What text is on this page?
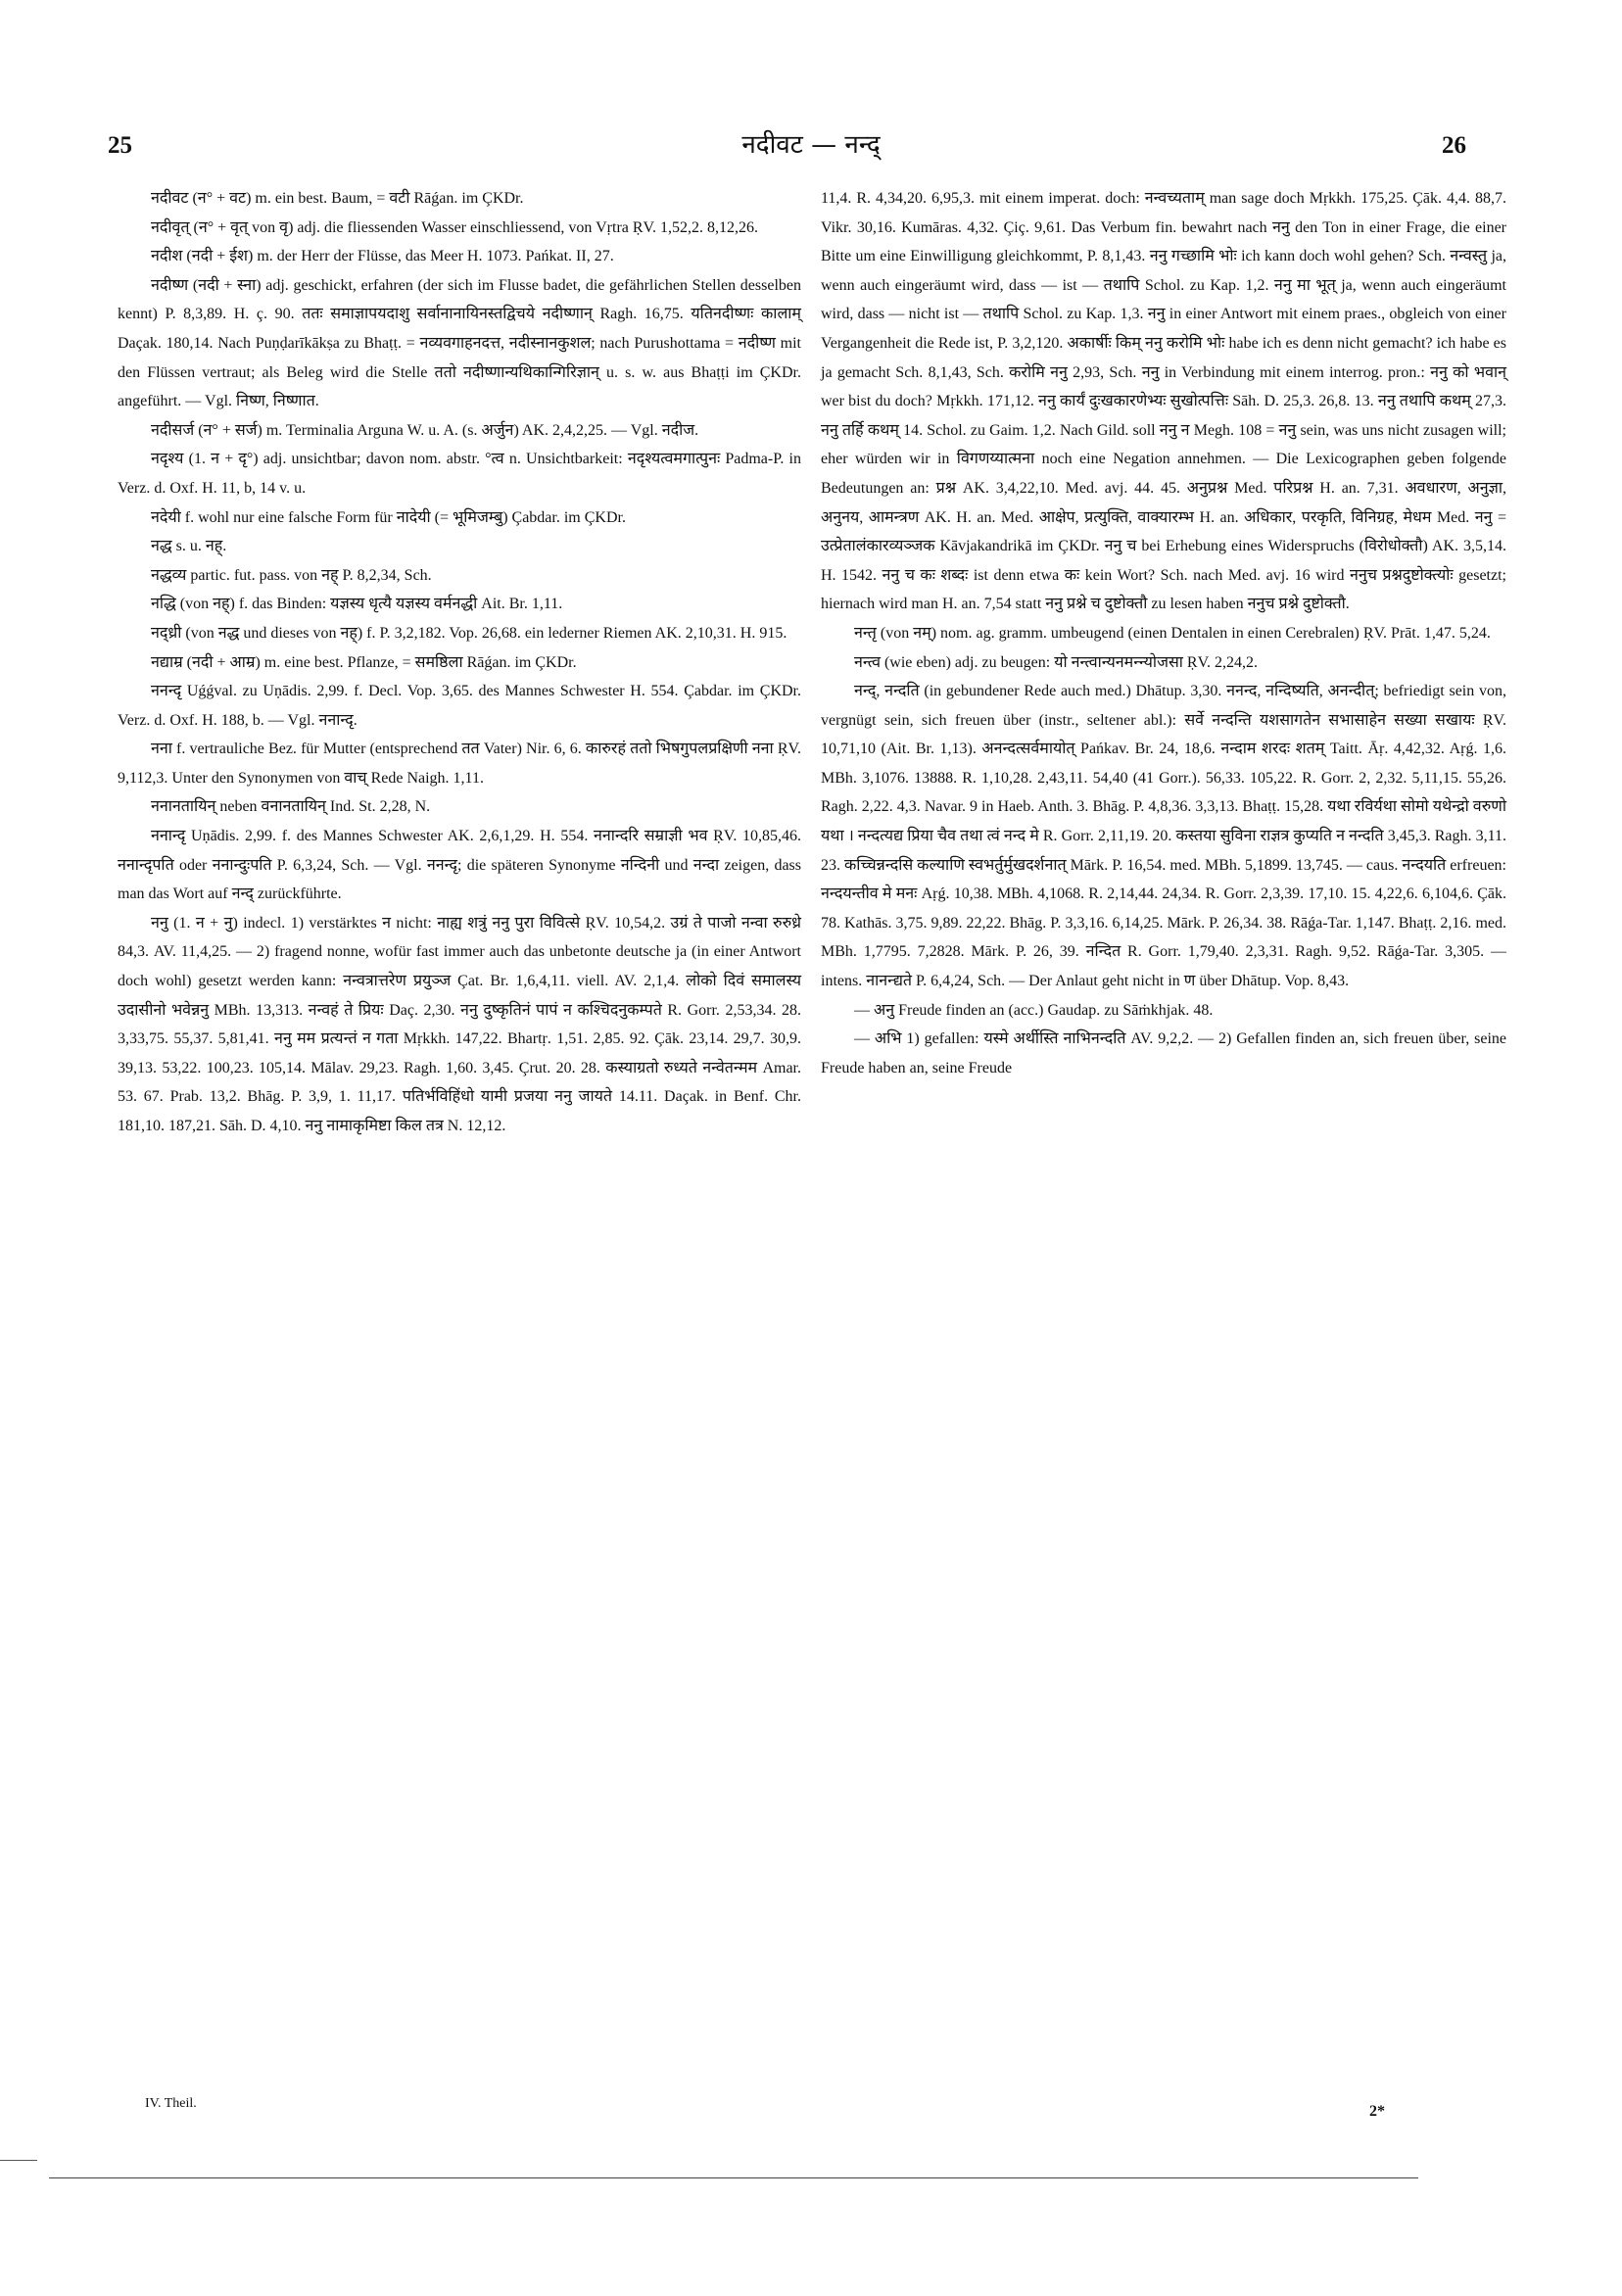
25	नदीवट — नन्द्	26

नदीवट (न° + वट) m. ein best. Baum, = वटी Rāǵan. im ÇKDr.

नदीवृत् (न° + वृत् von वृ) adj. die fliessenden Wasser einschliessend, von Vṛtra ṚV. 1,52,2. 8,12,26.

नदीश (नदी + ईश) m. der Herr der Flüsse, das Meer H. 1073. Pańkat. II, 27.

नदीष्ण (नदी + स्ना) adj. geschickt, erfahren (der sich im Flusse badet, die gefährlichen Stellen desselben kennt) P. 8,3,89. H. ç. 90. ततः समाज्ञापयदाशु सर्वानानायिनस्तद्विचये नदीष्णान् Ragh. 16,75. यतिनदीष्णः कालाम् Daçak. 180,14. Nach Puṇḍarīkākṣa zu Bhaṭṭ. = नव्यवगाहनदत्त, नदीस्नानकुशल; nach Purushottama = नदीष्ण mit den Flüssen vertraut; als Beleg wird die Stelle ततो नदीष्णान्यथिकान्गिरिज्ञान् u. s. w. aus Bhaṭṭi im ÇKDr. angeführt. — Vgl. निष्ण, निष्णात.

नदीसर्ज (न° + सर्ज) m. Terminalia Arguna W. u. A. (s. अर्जुन) AK. 2,4,2,25. — Vgl. नदीज.

नदृश्य (1. न + दृ°) adj. unsichtbar; davon nom. abstr. °त्व n. Unsichtbarkeit: नदृश्यत्वमगात्पुनः Padma-P. in Verz. d. Oxf. H. 11, b, 14 v. u.

नदेयी f. wohl nur eine falsche Form für नादेयी (= भूमिजम्बु) Çabdar. im ÇKDr.

नद्ध s. u. नह्.

नद्धव्य partic. fut. pass. von नह् P. 8,2,34, Sch.

नद्धि (von नह्) f. das Binden: यज्ञस्य धृत्यै यज्ञस्य वर्मनद्धी Ait. Br. 1,11.

नद्ध्री (von नद्ध und dieses von नह्) f. P. 3,2,182. Vop. 26,68. ein lederner Riemen AK. 2,10,31. H. 915.

नद्याम्र (नदी + आम्र) m. eine best. Pflanze, = समष्ठिला Rāǵan. im ÇKDr.

ननन्दृ Uǵǵval. zu Uṇādis. 2,99. f. Decl. Vop. 3,65. des Mannes Schwester H. 554. Çabdar. im ÇKDr. Verz. d. Oxf. H. 188, b. — Vgl. ननान्दृ.

नना f. vertrauliche Bez. für Mutter (entsprechend तत Vater) Nir. 6, 6. कारुरहं ततो भिषगुपलप्रक्षिणी नना ṚV. 9,112,3. Unter den Synonymen von वाच् Rede Naigh. 1,11.

ननानतायिन् neben वनानतायिन् Ind. St. 2,28, N.

ननान्दृ Uṇādis. 2,99. f. des Mannes Schwester AK. 2,6,1,29. H. 554. ननान्दरि सम्राज्ञी भव ṚV. 10,85,46. ननान्दृपति oder ननान्दुःपति P. 6,3,24, Sch. — Vgl. ननन्दृ; die späteren Synonyme नन्दिनी und नन्दा zeigen, dass man das Wort auf नन्द् zurückführte.

ननु (1. न + नु) indecl. 1) verstärktes न nicht: नाह्य शत्रुं ननु पुरा विवित्से ṚV. 10,54,2. उग्रं ते पाजो नन्वा रुरुध्रे 84,3. AV. 11,4,25. — 2) fragend nonne, wofür fast immer auch das unbetonte deutsche ja (in einer Antwort doch wohl) gesetzt werden kann: नन्वत्रात्तरेण प्रयुञ्ज Çat. Br. 1,6,4,11. viell. AV. 2,1,4. लोको दिवं समालस्य उदासीनो भवेन्ननु MBh. 13,313. नन्वहं ते प्रियः Daç. 2,30. ननु दुष्कृतिनं पापं न कश्चिदनुकम्पते R. Gorr. 2,53,34. 28. 3,33,75. 55,37. 5,81,41. ननु मम प्रत्यन्तं न गता Mṛkkh. 147,22. Bhartṛ. 1,51. 2,85. 92. Çāk. 23,14. 29,7. 30,9. 39,13. 53,22. 100,23. 105,14. Mālav. 29,23. Ragh. 1,60. 3,45. Çrut. 20. 28. कस्याग्रतो रुध्यते नन्वेतन्मम Amar. 53. 67. Prab. 13,2. Bhāg. P. 3,9, 1. 11,17. पतिर्भविहिंधो यामी प्रजया ननु जायते 14.11. Daçak. in Benf. Chr. 181,10. 187,21. Sāh. D. 4,10. ननु नामाकृमिष्टा किल तत्र N. 12,12.

11,4. R. 4,34,20. 6,95,3. mit einem imperat. doch: नन्वच्यताम् man sage doch Mṛkkh. 175,25. Çāk. 4,4. 88,7. Vikr. 30,16. Kumāras. 4,32. Çiç. 9,61. Das Verbum fin. bewahrt nach ननु den Ton in einer Frage, die einer Bitte um eine Einwilligung gleichkommt, P. 8,1,43. ननु गच्छामि भोः ich kann doch wohl gehen? Sch. नन्वस्तु ja, wenn auch eingeräumt wird, dass — ist — तथापि Schol. zu Kap. 1,2. ननु मा भूत् ja, wenn auch eingeräumt wird, dass — nicht ist — तथापि Schol. zu Kap. 1,3. ननु in einer Antwort mit einem praes., obgleich von einer Vergangenheit die Rede ist, P. 3,2,120. अकार्षीः किम् ननु करोमि भोः habe ich es denn nicht gemacht? ich habe es ja gemacht Sch. 8,1,43, Sch. करोमि ननु 2,93, Sch. ननु in Verbindung mit einem interrog. pron.: ननु को भवान् wer bist du doch? Mṛkkh. 171,12. ननु कार्यं दुःखकारणेभ्यः सुखोत्पत्तिः Sāh. D. 25,3. 26,8. 13. ननु तथापि कथम् 27,3. ननु तर्हि कथम् 14. Schol. zu Gaim. 1,2. Nach Gild. soll ननु न Megh. 108 = ननु sein, was uns nicht zusagen will; eher würden wir in विगणय्यात्मना noch eine Negation annehmen. — Die Lexicographen geben folgende Bedeutungen an: प्रश्न AK. 3,4,22,10. Med. avj. 44. 45. अनुप्रश्न Med. परिप्रश्न H. an. 7,31. अवधारण, अनुज्ञा, अनुनय, आमन्त्रण AK. H. an. Med. आक्षेप, प्रत्युक्ति, वाक्यारम्भ H. an. अधिकार, परकृति, विनिग्रह, मेधम Med. ननु = उत्प्रेतालंकारव्यञ्जक Kāvjakandrikā im ÇKDr. ननु च bei Erhebung eines Widerspruchs (विरोधोक्तौ) AK. 3,5,14. H. 1542. ननु च कः शब्दः ist denn etwa कः kein Wort? Sch. nach Med. avj. 16 wird ननुच प्रश्नदुष्टोक्त्योः gesetzt; hiernach wird man H. an. 7,54 statt ननु प्रश्ने च दुष्टोक्तौ zu lesen haben ननुच प्रश्ने दुष्टोक्तौ.

नन्तृ (von नम्) nom. ag. gramm. umbeugend (einen Dentalen in einen Cerebralen) ṚV. Prāt. 1,47. 5,24.

नन्त्व (wie eben) adj. zu beugen: यो नन्त्वान्यनमन्न्योजसा ṚV. 2,24,2.

नन्द्, नन्दति (in gebundener Rede auch med.) Dhātup. 3,30. ननन्द, नन्दिष्यति, अनन्दीत्; befriedigt sein von, vergnügt sein, sich freuen über (instr., seltener abl.): सर्वे नन्दन्ति यशसागतेन सभासाहेन सख्या सखायः ṚV. 10,71,10 (Ait. Br. 1,13). अनन्दत्सर्वमायोत् Pańkav. Br. 24, 18,6. नन्दाम शरदः शतम् Taitt. Āṛ. 4,42,32. Aṛǵ. 1,6. MBh. 3,1076. 13888. R. 1,10,28. 2,43,11. 54,40 (41 Gorr.). 56,33. 105,22. R. Gorr. 2, 2,32. 5,11,15. 55,26. Ragh. 2,22. 4,3. Navar. 9 in Haeb. Anth. 3. Bhāg. P. 4,8,36. 3,3,13. Bhaṭṭ. 15,28. यथा रविर्यथा सोमो यथेन्द्रो वरुणो यथा । नन्दत्यद्य प्रिया चैव तथा त्वं नन्द मे R. Gorr. 2,11,19. 20. कस्तया सुविना राज्ञत्र कुप्यति न नन्दति 3,45,3. Ragh. 3,11. 23. कच्चिन्नन्दसि कल्याणि स्वभर्तुर्मुखदर्शनात् Mārk. P. 16,54. med. MBh. 5,1899. 13,745. — caus. नन्दयति erfreuen: नन्दयन्तीव मे मनः Aṛǵ. 10,38. MBh. 4,1068. R. 2,14,44. 24,34. R. Gorr. 2,3,39. 17,10. 15. 4,22,6. 6,104,6. Çāk. 78. Kathās. 3,75. 9,89. 22,22. Bhāg. P. 3,3,16. 6,14,25. Mārk. P. 26,34. 38. Rāǵa-Tar. 1,147. Bhaṭṭ. 2,16. med. MBh. 1,7795. 7,2828. Mārk. P. 26, 39. नन्दित R. Gorr. 1,79,40. 2,3,31. Ragh. 9,52. Rāǵa-Tar. 3,305. — intens. नानन्द्यते P. 6,4,24, Sch. — Der Anlaut geht nicht in ण über Dhātup. Vop. 8,43.

— अनु Freude finden an (acc.) Gaudap. zu Sāṁkhjak. 48.

— अभि 1) gefallen: यस्मे अर्थीस्ति नाभिनन्दति AV. 9,2,2. — 2) Gefallen finden an, sich freuen über, seine Freude haben an, seine Freude

IV. Theil.	2*
